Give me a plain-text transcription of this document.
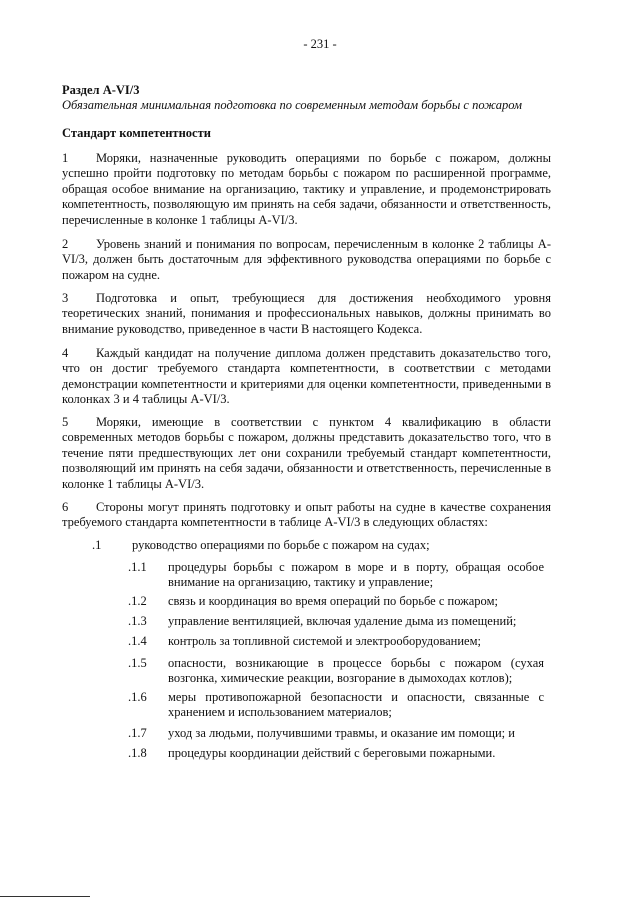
- 231 -
Раздел A-VI/3
Обязательная минимальная подготовка по современным методам борьбы с пожаром
Стандарт компетентности
1 Моряки, назначенные руководить операциями по борьбе с пожаром, должны успешно пройти подготовку по методам борьбы с пожаром по расширенной программе, обращая особое внимание на организацию, тактику и управление, и продемонстрировать компетентность, позволяющую им принять на себя задачи, обязанности и ответственность, перечисленные в колонке 1 таблицы A-VI/3.
2 Уровень знаний и понимания по вопросам, перечисленным в колонке 2 таблицы A-VI/3, должен быть достаточным для эффективного руководства операциями по борьбе с пожаром на судне.
3 Подготовка и опыт, требующиеся для достижения необходимого уровня теоретических знаний, понимания и профессиональных навыков, должны принимать во внимание руководство, приведенное в части B настоящего Кодекса.
4 Каждый кандидат на получение диплома должен представить доказательство того, что он достиг требуемого стандарта компетентности, в соответствии с методами демонстрации компетентности и критериями для оценки компетентности, приведенными в колонках 3 и 4 таблицы A-VI/3.
5 Моряки, имеющие в соответствии с пунктом 4 квалификацию в области современных методов борьбы с пожаром, должны представить доказательство того, что в течение пяти предшествующих лет они сохранили требуемый стандарт компетентности, позволяющий им принять на себя задачи, обязанности и ответственность, перечисленные в колонке 1 таблицы A-VI/3.
6 Стороны могут принять подготовку и опыт работы на судне в качестве сохранения требуемого стандарта компетентности в таблице A-VI/3 в следующих областях:
.1 руководство операциями по борьбе с пожаром на судах;
.1.1 процедуры борьбы с пожаром в море и в порту, обращая особое внимание на организацию, тактику и управление;
.1.2 связь и координация во время операций по борьбе с пожаром;
.1.3 управление вентиляцией, включая удаление дыма из помещений;
.1.4 контроль за топливной системой и электрооборудованием;
.1.5 опасности, возникающие в процессе борьбы с пожаром (сухая возгонка, химические реакции, возгорание в дымоходах котлов);
.1.6 меры противопожарной безопасности и опасности, связанные с хранением и использованием материалов;
.1.7 уход за людьми, получившими травмы, и оказание им помощи; и
.1.8 процедуры координации действий с береговыми пожарными.
